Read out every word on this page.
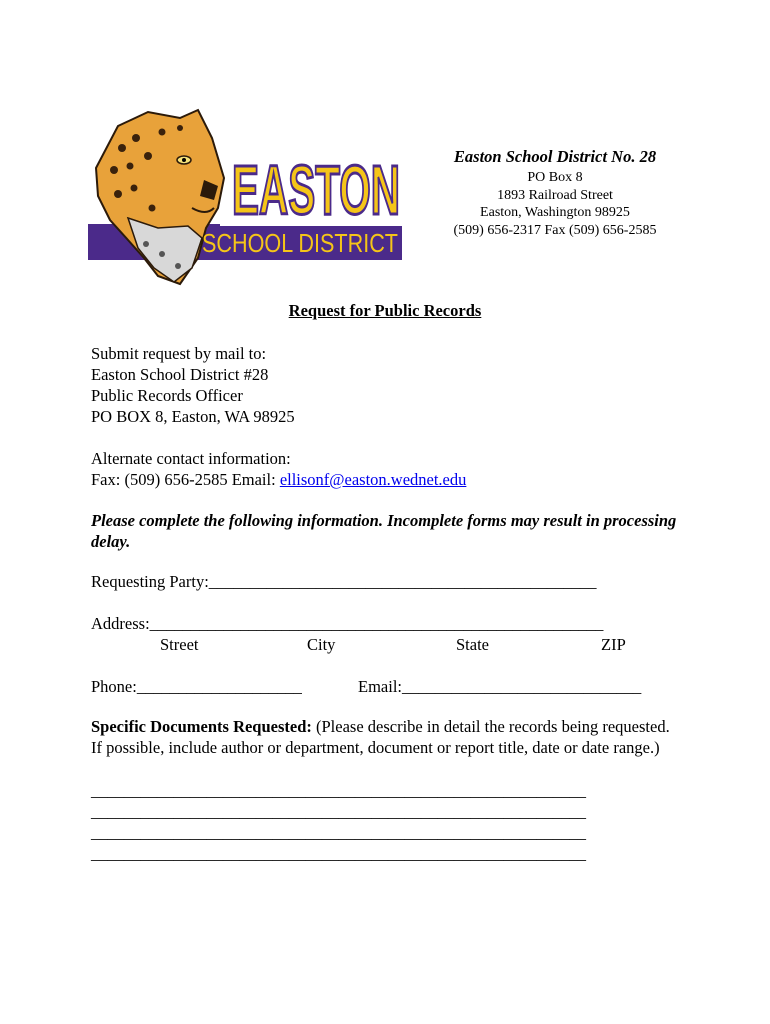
EASTON
SCHOOL DISTRICT
Easton School District No. 28
PO Box 8
1893 Railroad Street
Easton, Washington 98925
(509) 656-2317 Fax (509) 656-2585
Request for Public Records
Submit request by mail to:
Easton School District #28
Public Records Officer
PO BOX 8, Easton, WA 98925
Alternate contact information:
Fax: (509) 656-2585 Email: ellisonf@easton.wednet.edu
Please complete the following information. Incomplete forms may result in processing delay.
Requesting Party:_______________________________________________
Address:_______________________________________________________
Street	City	State	ZIP
Phone:____________________	Email:_____________________________
Specific Documents Requested: (Please describe in detail the records being requested. If possible, include author or department, document or report title, date or date range.)
____________________________________________________________
____________________________________________________________
____________________________________________________________
____________________________________________________________
